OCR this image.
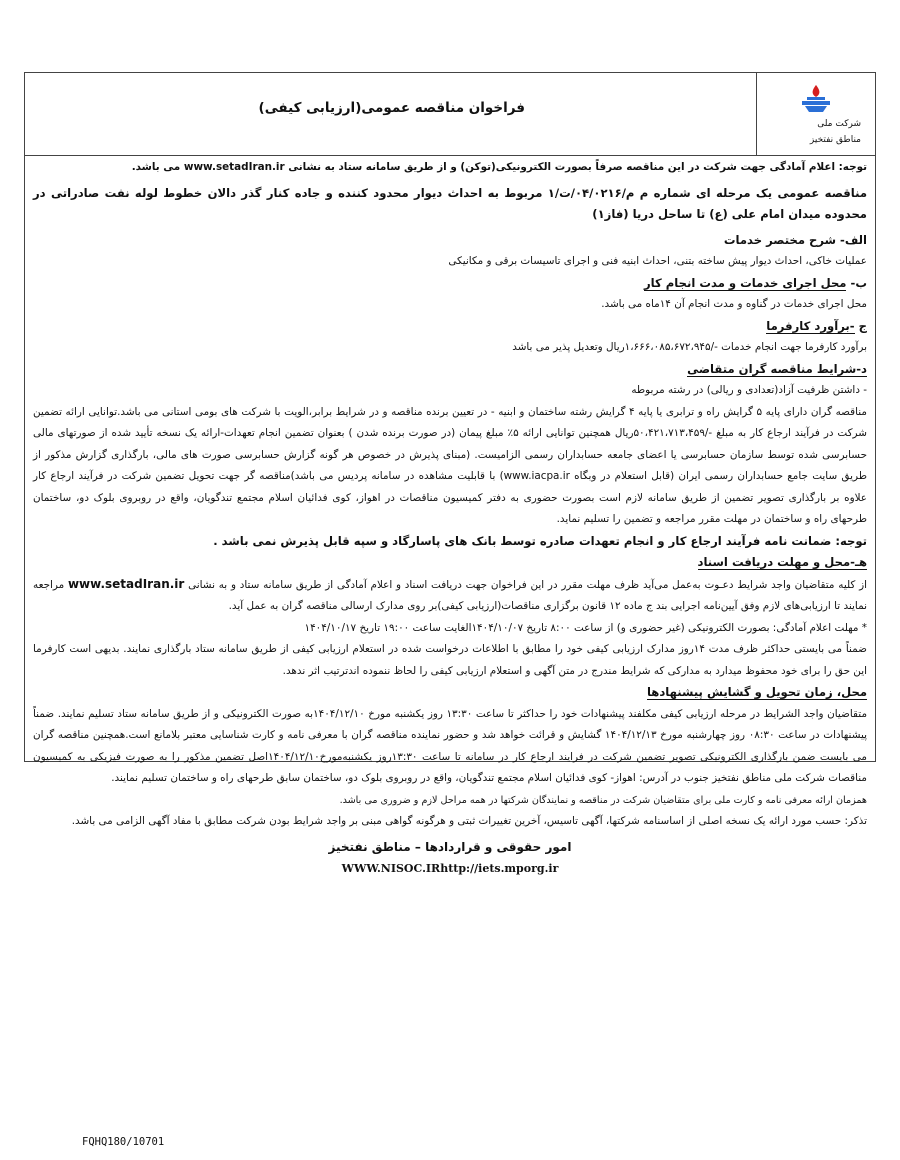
شرکت ملی
مناطق نفتخیز
فراخوان مناقصه عمومی(ارزیابی کیفی)

توجه: اعلام آمادگی جهت شرکت در این مناقصه صرفاً بصورت الکترونیکی(توکن) و از طریق سامانه ستاد به نشانی www.setadIran.ir می باشد.

مناقصه عمومی یک مرحله ای شماره م م/۰۴/۰۲۱۶/ت/۱ مربوط به احداث دیوار محدود کننده و جاده کنار گذر دالان خطوط لوله نفت صادراتی در محدوده میدان امام علی (ع) تا ساحل دریا (فاز۱)

الف- شرح مختصر خدمات

عملیات خاکی، احداث دیوار پیش ساخته بتنی، احداث ابنیه فنی و اجرای تاسیسات برقی و مکانیکی

ب- محل اجرای خدمات و مدت انجام کار

محل اجرای خدمات در گناوه و مدت انجام آن ۱۴ماه می باشد.

ج -برآورد کارفرما

برآورد کارفرما جهت انجام خدمات -/۱،۶۶۶،۰۸۵،۶۷۲،۹۴۵ریال وتعدیل پذیر می باشد

د-شرایط مناقصه گران متقاضی

- داشتن ظرفیت آزاد(تعدادی و ریالی) در رشته مربوطه

مناقصه گران دارای پایه ۵ گرایش راه و ترابری یا پایه ۴ گرایش رشته ساختمان و ابنیه - در تعیین برنده مناقصه و در شرایط برابر،الویت با شرکت های بومی استانی می باشد.توانایی ارائه تضمین شرکت در فرآیند ارجاع کار به مبلغ -/۵۰،۴۲۱،۷۱۳،۴۵۹ریال همچنین توانایی ارائه ۵٪ مبلغ پیمان (در صورت برنده شدن ) بعنوان تضمین انجام تعهدات-ارائه یک نسخه تأیید شده از صورتهای مالی حسابرسی شده توسط سازمان حسابرسی یا اعضای جامعه حسابداران رسمی الزامیست. (مبنای پذیرش در خصوص هر گونه گزارش حسابرسی صورت های مالی، بارگذاری گزارش مذکور از طریق سایت جامع حسابداران رسمی ایران (قابل استعلام در وبگاه www.iacpa.ir) با قابلیت مشاهده در سامانه پردیس می باشد)مناقصه گر جهت تحویل تضمین شرکت در فرآیند ارجاع کار علاوه بر بارگذاری تصویر تضمین از طریق سامانه لازم است بصورت حضوری به دفتر کمیسیون مناقصات در اهواز، کوی فدائیان اسلام مجتمع تندگویان، واقع در روبروی بلوک دو، ساختمان طرحهای راه و ساختمان در مهلت مقرر مراجعه و تضمین را تسلیم نماید.

توجه: ضمانت نامه فرآیند ارجاع کار و انجام تعهدات صادره توسط بانک های پاسارگاد و سپه قابل پذیرش نمی باشد .

هـ-محل و مهلت دریافت اسناد

از کلیه متقاضیان واجد شرایط دعـوت به‌عمل می‌آید ظرف مهلت مقرر در این فراخوان جهت دریافت اسناد و اعلام آمادگی از طریق سامانه ستاد و به نشانی www.setadIran.ir مراجعه نمایند تا ارزیابی‌های لازم وفق آیین‌نامه اجرایی بند ج ماده ۱۲ قانون برگزاری مناقصات(ارزیابی کیفی)بر روی مدارک ارسالی مناقصه گران به عمل آید.

* مهلت اعلام آمادگی: بصورت الکترونیکی (غیر حضوری و) از ساعت ۸:۰۰ تاریخ ۱۴۰۴/۱۰/۰۷الغایت ساعت ۱۹:۰۰ تاریخ ۱۴۰۴/۱۰/۱۷

ضمناً می بایستی حداکثر ظرف مدت ۱۴روز مدارک ارزیابی کیفی خود را مطابق با اطلاعات درخواست شده در استعلام ارزیابی کیفی از طریق سامانه ستاد بارگذاری نمایند. بدیهی است کارفرما این حق را برای خود محفوظ میدارد به مدارکی که شرایط مندرج در متن آگهی و استعلام ارزیابی کیفی را لحاظ ننموده اندترتیب اثر ندهد.

محل، زمان تحویل و گشایش پیشنهادها

متقاضیان واجد الشرایط در مرحله ارزیابی کیفی مکلفند پیشنهادات خود را حداکثر تا ساعت ۱۳:۳۰ روز یکشنبه مورخ ۱۴۰۴/۱۲/۱۰به صورت الکترونیکی و از طریق سامانه ستاد تسلیم نمایند. ضمناً پیشنهادات در ساعت ۰۸:۳۰ روز چهارشنبه مورخ ۱۴۰۴/۱۲/۱۳ گشایش و قرائت خواهد شد و حضور نماینده مناقصه گران با معرفی نامه و کارت شناسایی معتبر بلامانع است.همچنین مناقصه گران می بایست ضمن بارگذاری الکترونیکی تصویر تضمین شرکت در فرایند ارجاع کار در سامانه تا ساعت ۱۳:۳۰روز یکشنبه‌مورخ۱۴۰۴/۱۲/۱۰اصل تضمین مذکور را به صورت فیزیکی به کمیسیون مناقصات شرکت ملی مناطق نفتخیز جنوب در آدرس: اهواز- کوی فدائیان اسلام مجتمع تندگویان، واقع در روبروی بلوک دو، ساختمان سابق طرحهای راه و ساختمان تسلیم نمایند.

همزمان ارائه معرفی نامه و کارت ملی برای متقاضیان شرکت در مناقصه و نمایندگان شرکتها در همه مراحل لازم و ضروری می باشد.

تذکر: حسب مورد ارائه یک نسخه اصلی از اساسنامه شرکتها، آگهی تاسیس، آخرین تغییرات ثبتی و هرگونه گواهی مبنی بر واجد شرایط بودن شرکت مطابق با مفاد آگهی الزامی می باشد.

امور حقوقی و قراردادها – مناطق نفتخیز

WWW.NISOC.IRhttp://iets.mporg.ir

FQHQ180/10701
